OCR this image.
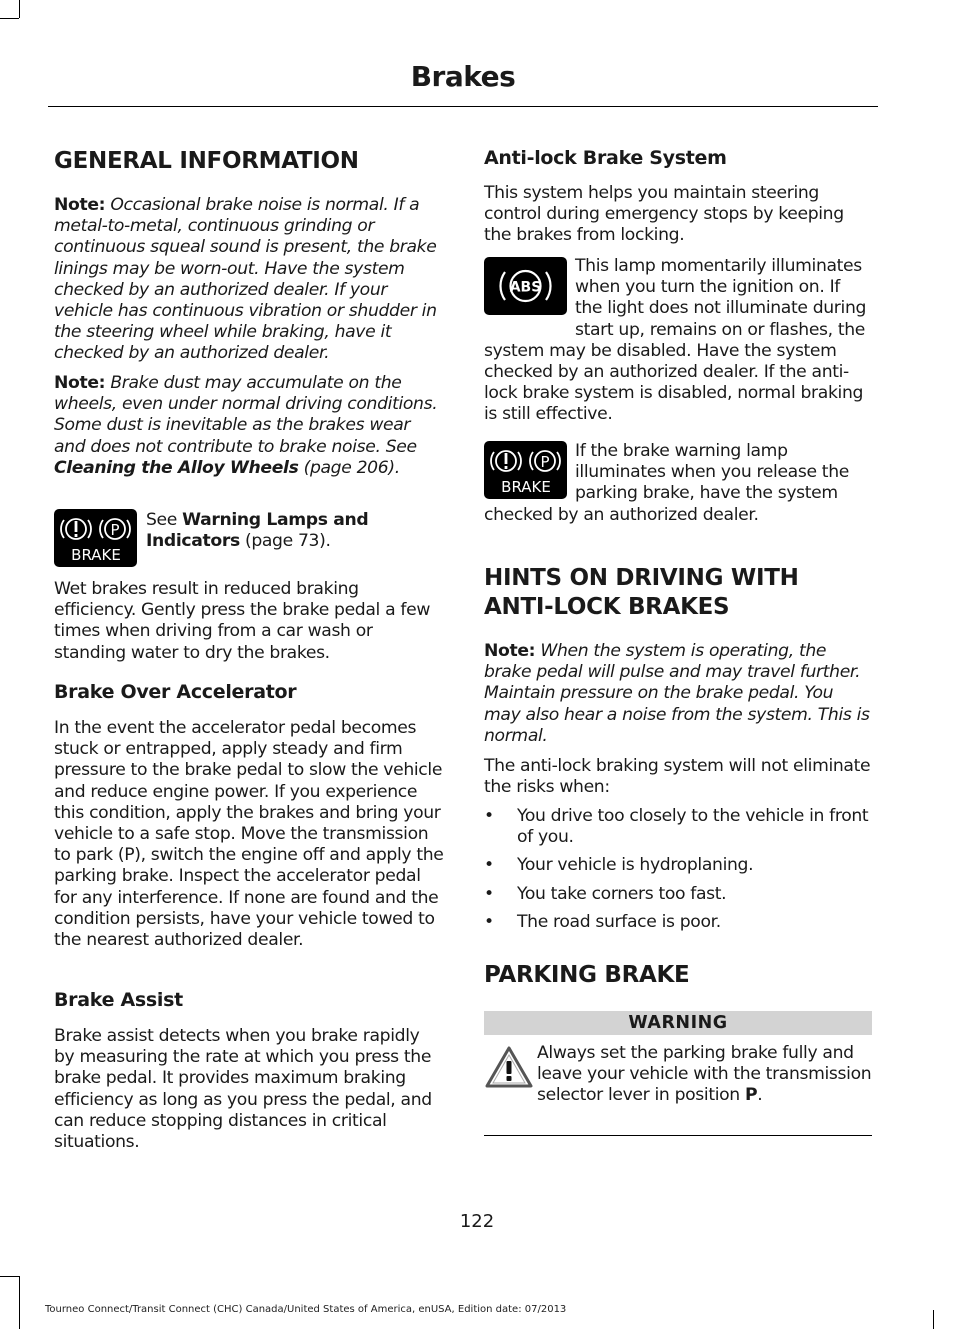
Brakes
GENERAL INFORMATION
Note: Occasional brake noise is normal. If a metal-to-metal, continuous grinding or continuous squeal sound is present, the brake linings may be worn-out. Have the system checked by an authorized dealer. If your vehicle has continuous vibration or shudder in the steering wheel while braking, have it checked by an authorized dealer.
Note: Brake dust may accumulate on the wheels, even under normal driving conditions. Some dust is inevitable as the brakes wear and does not contribute to brake noise. See Cleaning the Alloy Wheels (page 206).
P
BRAKE
See Warning Lamps and Indicators (page 73).
Wet brakes result in reduced braking efficiency. Gently press the brake pedal a few times when driving from a car wash or standing water to dry the brakes.
Brake Over Accelerator
In the event the accelerator pedal becomes stuck or entrapped, apply steady and firm pressure to the brake pedal to slow the vehicle and reduce engine power. If you experience this condition, apply the brakes and bring your vehicle to a safe stop. Move the transmission to park (P), switch the engine off and apply the parking brake. Inspect the accelerator pedal for any interference. If none are found and the condition persists, have your vehicle towed to the nearest authorized dealer.
Brake Assist
Brake assist detects when you brake rapidly by measuring the rate at which you press the brake pedal. It provides maximum braking efficiency as long as you press the pedal, and can reduce stopping distances in critical situations.
Anti-lock Brake System
This system helps you maintain steering control during emergency stops by keeping the brakes from locking.
ABS
This lamp momentarily illuminates when you turn the ignition on. If the light does not illuminate during start up, remains on or flashes, the system may be disabled. Have the system checked by an authorized dealer. If the anti-lock brake system is disabled, normal braking is still effective.
P
BRAKE
If the brake warning lamp illuminates when you release the parking brake, have the system checked by an authorized dealer.
HINTS ON DRIVING WITH
ANTI-LOCK BRAKES
Note: When the system is operating, the brake pedal will pulse and may travel further. Maintain pressure on the brake pedal. You may also hear a noise from the system. This is normal.
The anti-lock braking system will not eliminate the risks when:
• You drive too closely to the vehicle in front of you.
• Your vehicle is hydroplaning.
• You take corners too fast.
• The road surface is poor.
PARKING BRAKE
WARNING
Always set the parking brake fully and leave your vehicle with the transmission selector lever in position P.
122
Tourneo Connect/Transit Connect (CHC) Canada/United States of America, enUSA, Edition date: 07/2013
